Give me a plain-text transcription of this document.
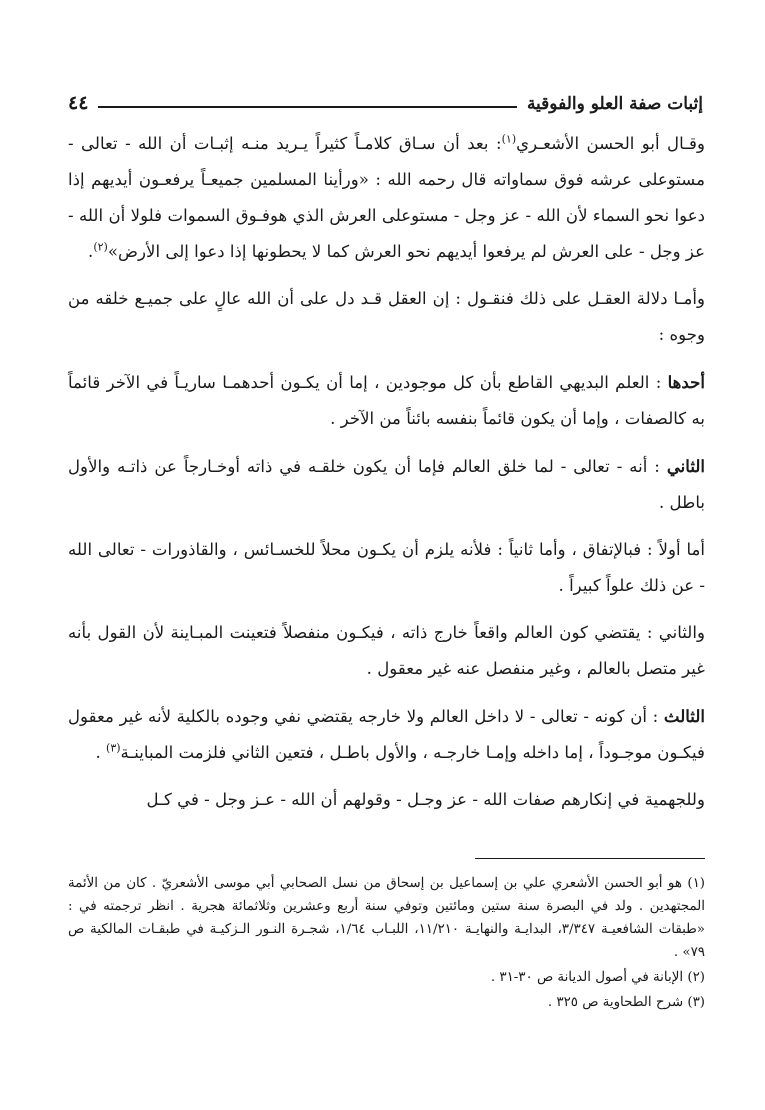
إثبات صفة العلو والفوقية
٤٤

وقـال أبو الحسن الأشعـري$^{(١)}$: بعد أن سـاق كلامـاً كثيراً يـريد منـه إثبـات أن الله - تعالى - مستوعلى عرشه فوق سماواته قال رحمه الله : «ورأينا المسلمين جميعـاً يرفعـون أيديهم إذا دعوا نحو السماء لأن الله - عز وجل - مستوعلى العرش الذي هوفـوق السموات فلولا أن الله - عز وجل - على العرش لم يرفعوا أيديهم نحو العرش كما لا يحطونها إذا دعوا إلى الأرض»$^{(٢)}$.

وأمـا دلالة العقـل على ذلك فنقـول : إن العقل قـد دل على أن الله عالٍ على جميـع خلقه من وجوه :

أحدها : العلم البديهي القاطع بأن كل موجودين ، إما أن يكـون أحدهمـا ساريـاً في الآخر قائماً به كالصفات ، وإما أن يكون قائماً بنفسه بائناً من الآخر .

الثاني : أنه - تعالى - لما خلق العالم فإما أن يكون خلقـه في ذاته أوخـارجاً عن ذاتـه والأول باطل .

أما أولاً : فبالإتفاق ، وأما ثانياً : فلأنه يلزم أن يكـون محلاً للخسـائس ، والقاذورات - تعالى الله - عن ذلك علواً كبيراً .

والثاني : يقتضي كون العالم واقعاً خارج ذاته ، فيكـون منفصلاً فتعينت المبـاينة لأن القول بأنه غير متصل بالعالم ، وغير منفصل عنه غير معقول .

الثالث : أن كونه - تعالى - لا داخل العالم ولا خارجه يقتضي نفي وجوده بالكلية لأنه غير معقول فيكـون موجـوداً ، إما داخله وإمـا خارجـه ، والأول باطـل ، فتعين الثاني فلزمت المباينـة$^{(٣)}$ .

وللجهمية في إنكارهم صفات الله - عز وجـل - وقولهم أن الله - عـز وجل - في كـل

(١) هو أبو الحسن الأشعري علي بن إسماعيل بن إسحاق من نسل الصحابي أبي موسى الأشعريّ . كان من الأئمة المجتهدين . ولد في البصرة سنة ستين ومائتين وتوفي سنة أربع وعشرين وثلاثمائة هجرية . انظر ترجمته في : «طبقات الشافعيـة ٣/٣٤٧، البدايـة والنهايـة ١١/٢١٠، اللبـاب ١/٦٤، شجـرة النـور الـزكيـة في طبقـات المالكية ص ٧٩» .

(٢) الإبانة في أصول الديانة ص ٣٠-٣١ .

(٣) شرح الطحاوية ص ٣٢٥ .
